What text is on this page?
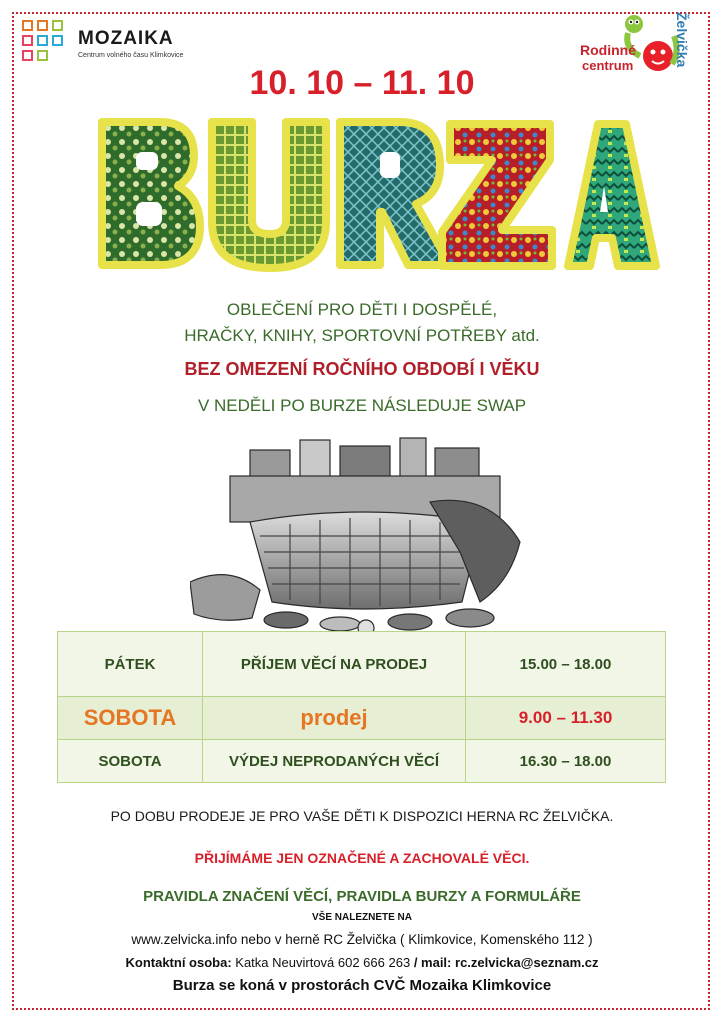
MOZAIKA
Centrum volného času Klimkovice	Rodinné
centrum	Želvička
10. 10 – 11. 10
OBLEČENÍ PRO DĚTI I DOSPĚLÉ,
HRAČKY, KNIHY, SPORTOVNÍ POTŘEBY atd.
BEZ OMEZENÍ ROČNÍHO OBDOBÍ I VĚKU
V NEDĚLI PO BURZE NÁSLEDUJE SWAP
PÁTEK	PŘÍJEM VĚCÍ NA PRODEJ	15.00 – 18.00
SOBOTA	prodej	9.00 – 11.30
SOBOTA	VÝDEJ NEPRODANÝCH VĚCÍ	16.30 – 18.00
PO DOBU PRODEJE JE PRO VAŠE DĚTI K DISPOZICI HERNA RC ŽELVIČKA.
PŘIJÍMÁME JEN OZNAČENÉ A ZACHOVALÉ VĚCI.
PRAVIDLA ZNAČENÍ VĚCÍ, PRAVIDLA BURZY A FORMULÁŘE
VŠE NALEZNETE NA
www.zelvicka.info nebo v herně RC Želvička ( Klimkovice, Komenského 112 )
Kontaktní osoba: Katka Neuvirtová 602 666 263 / mail: rc.zelvicka@seznam.cz
Burza se koná v prostorách CVČ Mozaika Klimkovice
